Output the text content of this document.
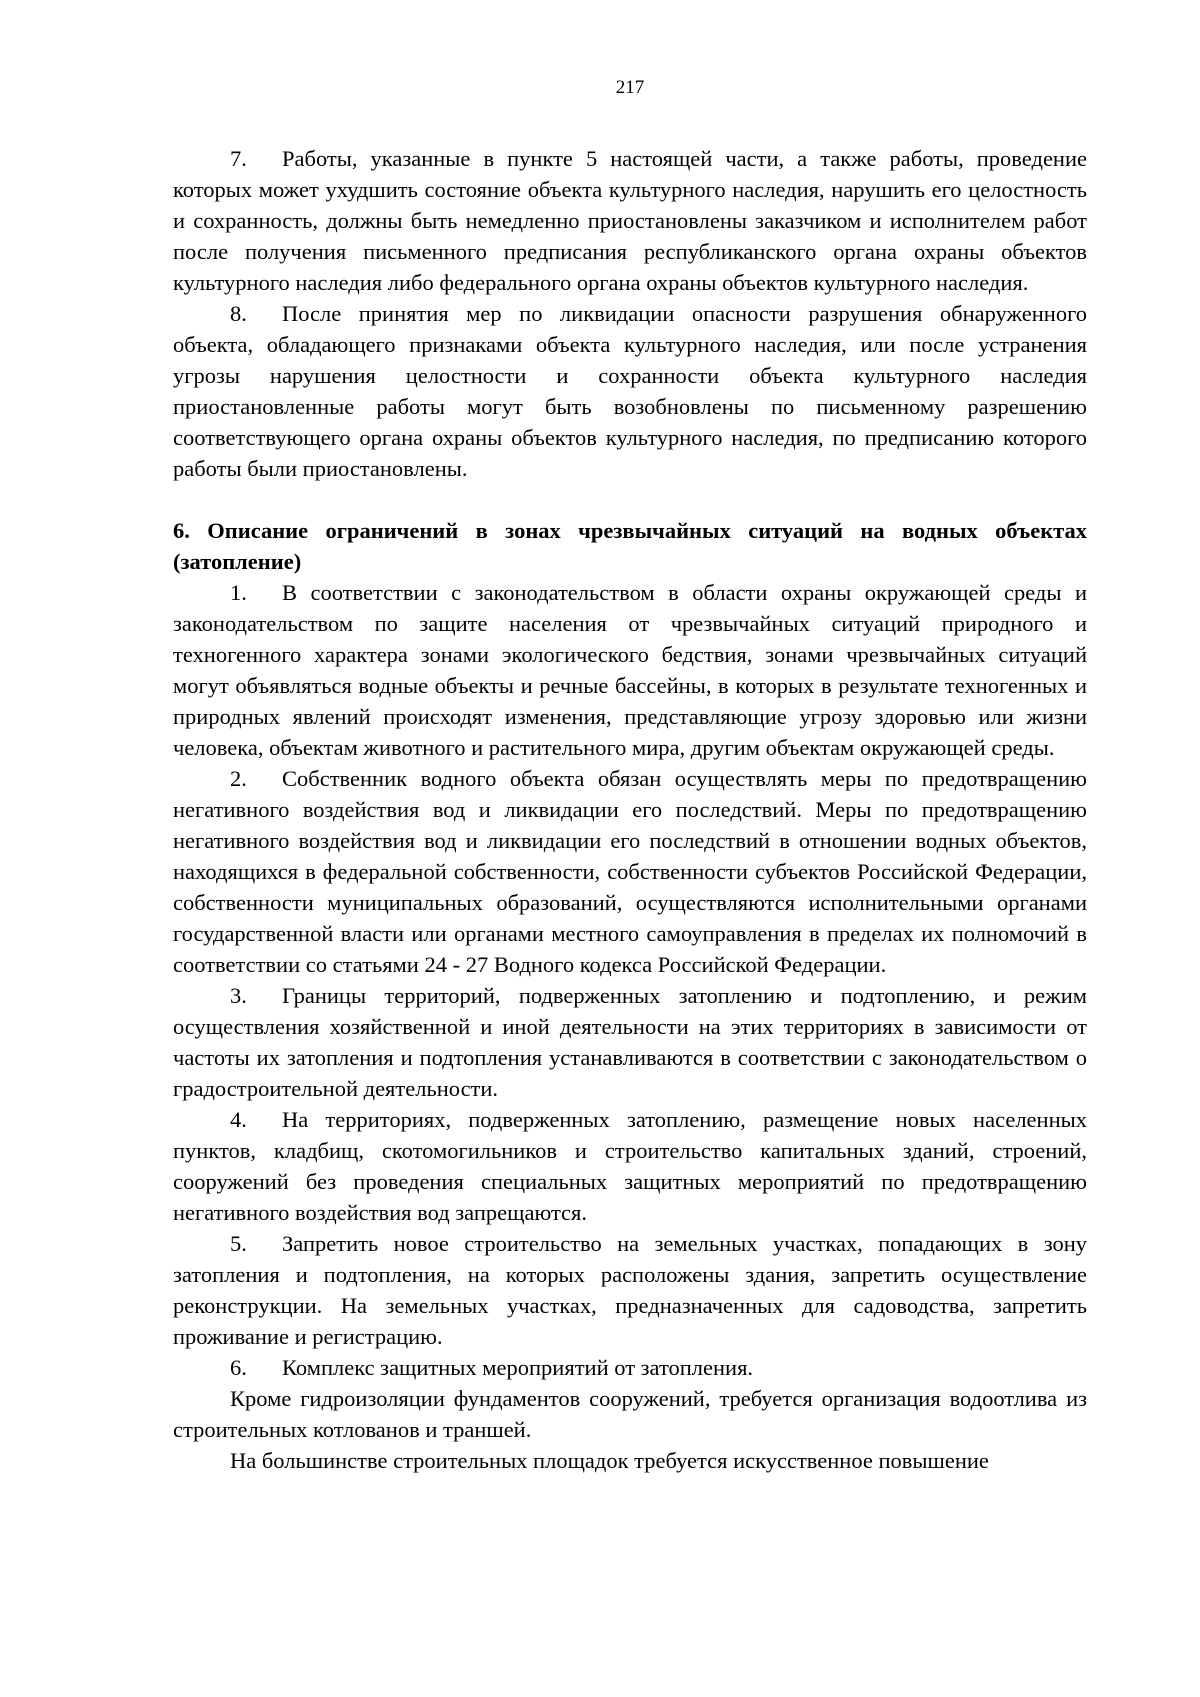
217

7. Работы, указанные в пункте 5 настоящей части, а также работы, проведение которых может ухудшить состояние объекта культурного наследия, нарушить его целостность и сохранность, должны быть немедленно приостановлены заказчиком и исполнителем работ после получения письменного предписания республиканского органа охраны объектов культурного наследия либо федерального органа охраны объектов культурного наследия.

8. После принятия мер по ликвидации опасности разрушения обнаруженного объекта, обладающего признаками объекта культурного наследия, или после устранения угрозы нарушения целостности и сохранности объекта культурного наследия приостановленные работы могут быть возобновлены по письменному разрешению соответствующего органа охраны объектов культурного наследия, по предписанию которого работы были приостановлены.

6. Описание ограничений в зонах чрезвычайных ситуаций на водных объектах (затопление)

1. В соответствии с законодательством в области охраны окружающей среды и законодательством по защите населения от чрезвычайных ситуаций природного и техногенного характера зонами экологического бедствия, зонами чрезвычайных ситуаций могут объявляться водные объекты и речные бассейны, в которых в результате техногенных и природных явлений происходят изменения, представляющие угрозу здоровью или жизни человека, объектам животного и растительного мира, другим объектам окружающей среды.

2. Собственник водного объекта обязан осуществлять меры по предотвращению негативного воздействия вод и ликвидации его последствий. Меры по предотвращению негативного воздействия вод и ликвидации его последствий в отношении водных объектов, находящихся в федеральной собственности, собственности субъектов Российской Федерации, собственности муниципальных образований, осуществляются исполнительными органами государственной власти или органами местного самоуправления в пределах их полномочий в соответствии со статьями 24 - 27 Водного кодекса Российской Федерации.

3. Границы территорий, подверженных затоплению и подтоплению, и режим осуществления хозяйственной и иной деятельности на этих территориях в зависимости от частоты их затопления и подтопления устанавливаются в соответствии с законодательством о градостроительной деятельности.

4. На территориях, подверженных затоплению, размещение новых населенных пунктов, кладбищ, скотомогильников и строительство капитальных зданий, строений, сооружений без проведения специальных защитных мероприятий по предотвращению негативного воздействия вод запрещаются.

5. Запретить новое строительство на земельных участках, попадающих в зону затопления и подтопления, на которых расположены здания, запретить осуществление реконструкции. На земельных участках, предназначенных для садоводства, запретить проживание и регистрацию.

6. Комплекс защитных мероприятий от затопления.

Кроме гидроизоляции фундаментов сооружений, требуется организация водоотлива из строительных котлованов и траншей.

На большинстве строительных площадок требуется искусственное повышение
